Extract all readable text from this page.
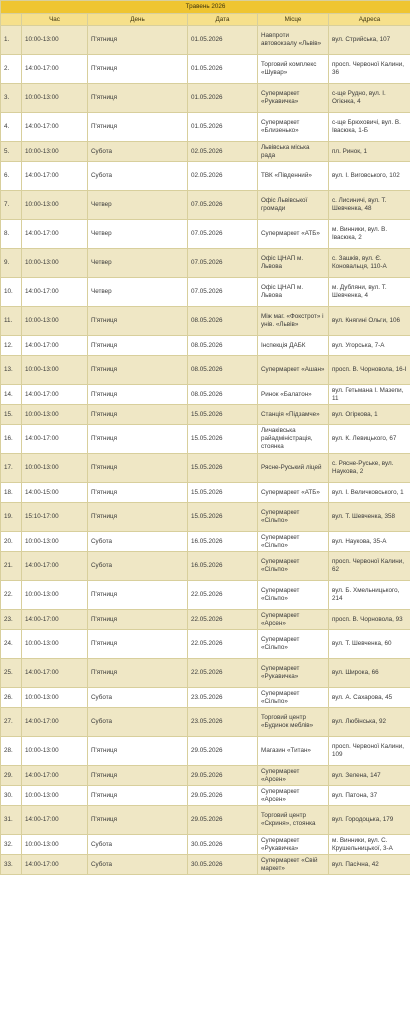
Травень 2026					
	Час	День	Дата	Місце	Адреса
1.	10:00-13:00	П'ятниця	01.05.2026	Навпроти автовокзалу «Львів»	вул. Стрийська, 107
2.	14:00-17:00	П'ятниця	01.05.2026	Торговий комплекс «Шувар»	просп. Червоної Калини, 36
3.	10:00-13:00	П'ятниця	01.05.2026	Супермаркет «Рукавичка»	с-ще Рудно, вул. І. Огієнка, 4
4.	14:00-17:00	П'ятниця	01.05.2026	Супермаркет «Близенько»	с-ще Брюховичі, вул. В. Івасюка, 1-Б
5.	10:00-13:00	Субота	02.05.2026	Львівська міська рада	пл. Ринок, 1
6.	14:00-17:00	Субота	02.05.2026	ТВК «Південний»	вул. І. Виговського, 102
7.	10:00-13:00	Четвер	07.05.2026	Офіс Львівської громади	с. Лисиничі, вул. Т. Шевченка, 48
8.	14:00-17:00	Четвер	07.05.2026	Супермаркет «АТБ»	м. Винники, вул. В. Івасюка, 2
9.	10:00-13:00	Четвер	07.05.2026	Офіс ЦНАП м. Львова	с. Зашків, вул. Є. Коновальця, 110-А
10.	14:00-17:00	Четвер	07.05.2026	Офіс ЦНАП м. Львова	м. Дубляни, вул. Т. Шевченка, 4
11.	10:00-13:00	П'ятниця	08.05.2026	Між маг. «Фокстрот» і унів. «Львів»	вул. Княгині Ольги, 106
12.	14:00-17:00	П'ятниця	08.05.2026	Інспекція ДАБК	вул. Угорська, 7-А
13.	10:00-13:00	П'ятниця	08.05.2026	Супермаркет «Ашан»	просп. В. Чорновола, 16-І
14.	14:00-17:00	П'ятниця	08.05.2026	Ринок «Балатон»	вул. Гетьмана І. Мазепи, 11
15.	10:00-13:00	П'ятниця	15.05.2026	Станція «Підзамче»	вул. Огіркова, 1
16.	14:00-17:00	П'ятниця	15.05.2026	Личаківська райадміністрація, стоянка	вул. К. Левицького, 67
17.	10:00-13:00	П'ятниця	15.05.2026	Рясне-Руський ліцей	с. Рясне-Руське, вул. Наукова, 2
18.	14:00-15:00	П'ятниця	15.05.2026	Супермаркет «АТБ»	вул. І. Величковського, 1
19.	15:10-17:00	П'ятниця	15.05.2026	Супермаркет «Сільпо»	вул. Т. Шевченка, 358
20.	10:00-13:00	Субота	16.05.2026	Супермаркет «Сільпо»	вул. Наукова, 35-А
21.	14:00-17:00	Субота	16.05.2026	Супермаркет «Сільпо»	просп. Червоної Калини, 62
22.	10:00-13:00	П'ятниця	22.05.2026	Супермаркет «Сільпо»	вул. Б. Хмельницького, 214
23.	14:00-17:00	П'ятниця	22.05.2026	Супермаркет «Арсен»	просп. В. Чорновола, 93
24.	10:00-13:00	П'ятниця	22.05.2026	Супермаркет «Сільпо»	вул. Т. Шевченка, 60
25.	14:00-17:00	П'ятниця	22.05.2026	Супермаркет «Рукавичка»	вул. Широка, 66
26.	10:00-13:00	Субота	23.05.2026	Супермаркет «Сільпо»	вул. А. Сахарова, 45
27.	14:00-17:00	Субота	23.05.2026	Торговий центр «Будинок меблів»	вул. Любінська, 92
28.	10:00-13:00	П'ятниця	29.05.2026	Магазин «Титан»	просп. Червоної Калини, 109
29.	14:00-17:00	П'ятниця	29.05.2026	Супермаркет «Арсен»	вул. Зелена, 147
30.	10:00-13:00	П'ятниця	29.05.2026	Супермаркет «Арсен»	вул. Патона, 37
31.	14:00-17:00	П'ятниця	29.05.2026	Торговий центр «Скриня», стоянка	вул. Городоцька, 179
32.	10:00-13:00	Субота	30.05.2026	Супермаркет «Рукавичка»	м. Винники, вул. С. Крушельницької, 3-А
33.	14:00-17:00	Субота	30.05.2026	Супермаркет «Свій маркет»	вул. Пасічна, 42
